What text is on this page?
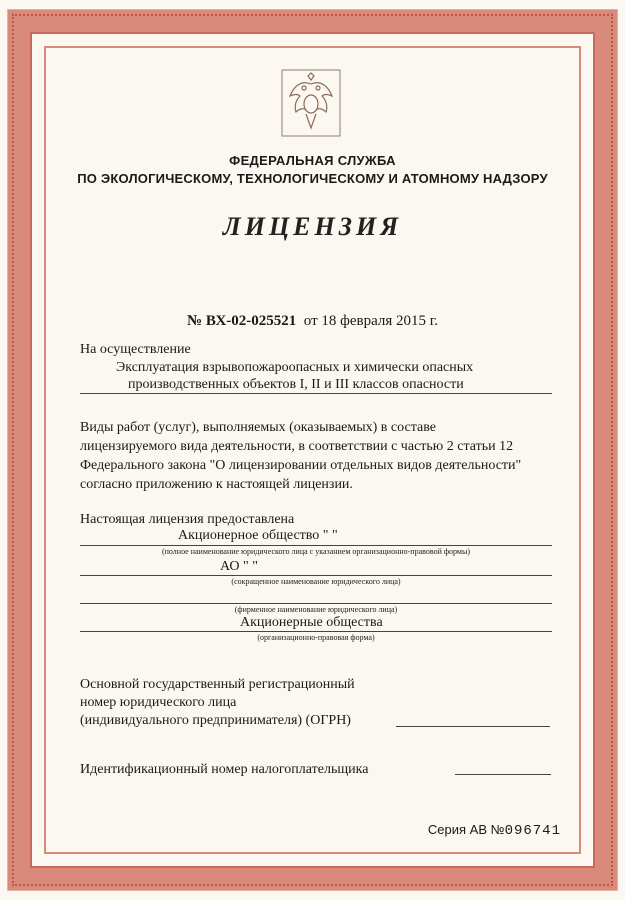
ФЕДЕРАЛЬНАЯ СЛУЖБА
ПО ЭКОЛОГИЧЕСКОМУ, ТЕХНОЛОГИЧЕСКОМУ И АТОМНОМУ НАДЗОРУ
ЛИЦЕНЗИЯ
№ ВХ-02-025521 от 18 февраля 2015 г.
На осуществление
Эксплуатация взрывопожароопасных и химически опасных
производственных объектов I, II и III классов опасности
Виды работ (услуг), выполняемых (оказываемых) в составе
лицензируемого вида деятельности, в соответствии с частью 2 статьи 12
Федерального закона "О лицензировании отдельных видов деятельности"
согласно приложению к настоящей лицензии.
Настоящая лицензия предоставлена
Акционерное общество " "
(полное наименование юридического лица с указанием организационно-правовой формы)
АО " "
(сокращенное наименование юридического лица)
(фирменное наименование юридического лица)
Акционерные общества
(организационно-правовая форма)
Основной государственный регистрационный
номер юридического лица
(индивидуального предпринимателя) (ОГРН)
Идентификационный номер налогоплательщика
Серия АВ №096741
